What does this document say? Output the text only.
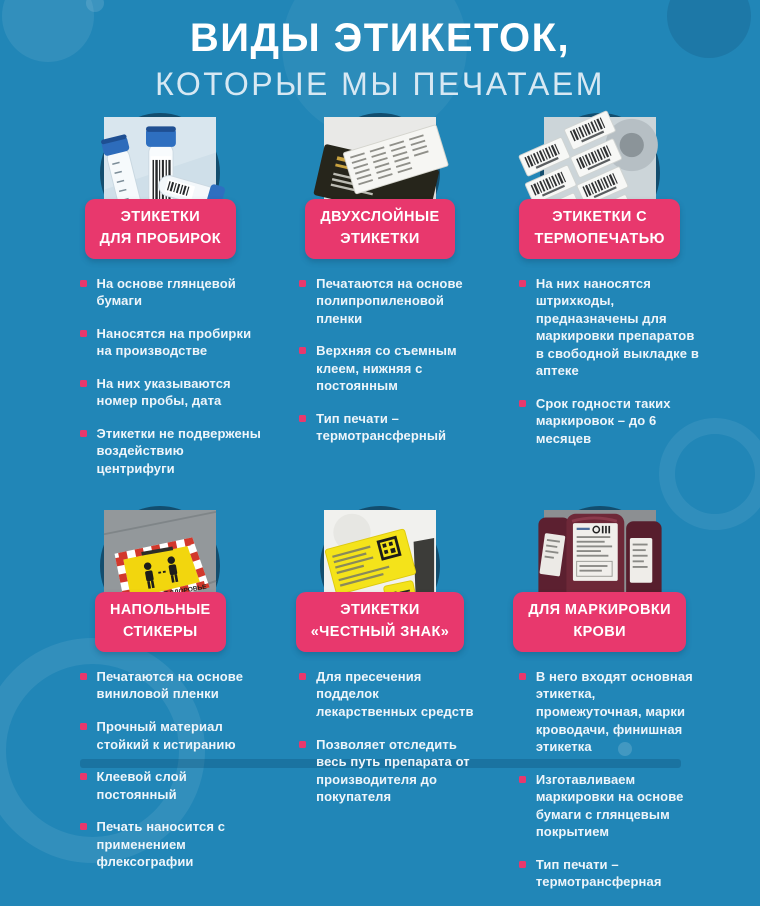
ВИДЫ ЭТИКЕТОК,
КОТОРЫЕ МЫ ПЕЧАТАЕМ
ЭТИКЕТКИ
ДЛЯ ПРОБИРОК
На основе глянцевой бумаги
Наносятся на пробирки на производстве
На них указываются номер пробы, дата
Этикетки не подвержены воздействию центрифуги
ДВУХСЛОЙНЫЕ
ЭТИКЕТКИ
Печатаются на основе полипропиленовой пленки
Верхняя со съемным клеем, нижняя с постоянным
Тип печати – термотрансферный
ЭТИКЕТКИ С
ТЕРМОПЕЧАТЬЮ
На них наносятся штрихкоды, предназначены для маркировки препаратов в свободной выкладке в аптеке
Срок годности таких маркировок – до 6 месяцев
НАПОЛЬНЫЕ
СТИКЕРЫ
Печатаются на основе виниловой пленки
Прочный материал стойкий к истиранию
Клеевой слой постоянный
Печать наносится с применением флексографии
ЭТИКЕТКИ
«ЧЕСТНЫЙ ЗНАК»
Для пресечения подделок лекарственных средств
Позволяет отследить весь путь препарата от производителя до покупателя
ДЛЯ МАРКИРОВКИ
КРОВИ
В него входят основная этикетка, промежуточная, марки кроводачи, финишная этикетка
Изготавливаем маркировки на основе бумаги с глянцевым покрытием
Тип печати – термотрансферная
